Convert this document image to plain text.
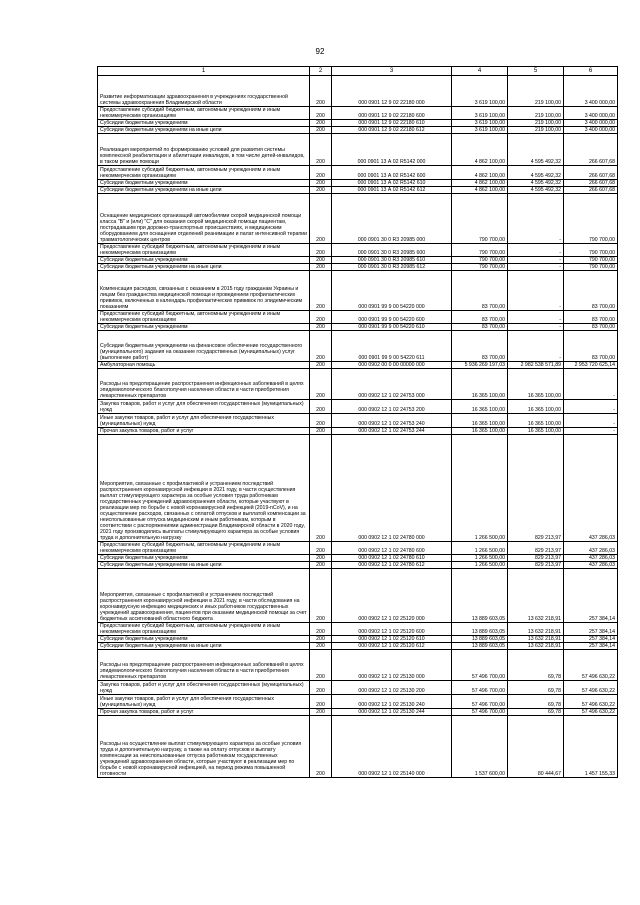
92
1	2	3	4	5	6
Развитие информатизации здравоохранения в учреждениях государственной системы здравоохранения Владимирской области	200	000 0901 12 9 02 22180 000	3 619 100,00	219 100,00	3 400 000,00
Предоставление субсидий бюджетным, автономным учреждениям и иным некоммерческим организациям	200	000 0901 12 9 02 22180 600	3 619 100,00	219 100,00	3 400 000,00
Субсидии бюджетным учреждениям	200	000 0901 12 9 02 22180 610	3 619 100,00	219 100,00	3 400 000,00
Субсидии бюджетным учреждениям на иные цели	200	000 0901 12 9 02 22180 612	3 619 100,00	219 100,00	3 400 000,00
Реализация мероприятий по формированию условий для развития системы комплексной реабилитации и абилитации инвалидов, в том числе детей-инвалидов, в таком режиме помощи	200	000 0901 13 А 02 R5142 000	4 862 100,00	4 595 492,32	266 607,68
Предоставление субсидий бюджетным, автономным учреждениям и иным некоммерческим организациям	200	000 0901 13 А 02 R5142 600	4 862 100,00	4 595 492,32	266 607,68
Субсидии бюджетным учреждениям	200	000 0901 13 А 02 R5142 610	4 862 100,00	4 595 492,32	266 607,68
Субсидии бюджетным учреждениям на иные цели	200	000 0901 13 А 02 R5142 612	4 862 100,00	4 595 492,32	266 607,68
Оснащение медицинских организаций автомобилями скорой медицинской помощи класса "В" и (или) "С" для оказания скорой медицинской помощи пациентам, пострадавшим при дорожно-транспортных происшествиях, и медицинским оборудованием для оснащения отделений реанимации и палат интенсивной терапии травматологических центров	200	000 0901 30 0 R3 20985 000	790 700,00	-	790 700,00
Предоставление субсидий бюджетным, автономным учреждениям и иным некоммерческим организациям	200	000 0901 30 0 R3 20985 600	790 700,00	-	790 700,00
Субсидии бюджетным учреждениям	200	000 0901 30 0 R3 20985 610	790 700,00	-	790 700,00
Субсидии бюджетным учреждениям на иные цели	200	000 0901 30 0 R3 20985 612	790 700,00	-	790 700,00
Компенсация расходов, связанных с оказанием в 2015 году гражданам Украины и лицам без гражданства медицинской помощи и проведением профилактических прививок, включенных в календарь профилактических прививок по эпидемическим показаниям	200	000 0901 99 9 00 54220 000	83 700,00	-	83 700,00
Предоставление субсидий бюджетным, автономным учреждениям и иным некоммерческим организациям	200	000 0901 99 9 00 54220 600	83 700,00	-	83 700,00
Субсидии бюджетным учреждениям	200	000 0901 99 9 00 54220 610	83 700,00	-	83 700,00
Субсидии бюджетным учреждениям на финансовое обеспечение государственного (муниципального) задания на оказание государственных (муниципальных) услуг (выполнение работ)	200	000 0901 99 9 00 54220 611	83 700,00	-	83 700,00
Амбулаторная помощь	200	000 0902 00 0 00 00000 000	5 936 269 197,03	2 982 538 571,89	2 953 720 625,14
Расходы на предотвращение распространения инфекционных заболеваний в целях эпидемиологического благополучия населения области в части приобретения лекарственных препаратов	200	000 0902 12 1 02 24753 000	16 365 100,00	16 365 100,00	-
Закупка товаров, работ и услуг для обеспечения государственных (муниципальных) нужд	200	000 0902 12 1 02 24753 200	16 365 100,00	16 365 100,00	-
Иные закупки товаров, работ и услуг для обеспечения государственных (муниципальных) нужд	200	000 0902 12 1 02 24753 240	16 365 100,00	16 365 100,00	-
Прочая закупка товаров, работ и услуг	200	000 0902 12 1 02 24753 244	16 365 100,00	16 365 100,00	-
Мероприятия, связанные с профилактикой и устранением последствий распространения коронавирусной инфекции в 2021 году, в части осуществления выплат стимулирующего характера за особые условия труда работникам государственных учреждений здравоохранения области, которые участвуют в реализации мер по борьбе с новой коронавирусной инфекцией (2019-nCoV), и на осуществление расходов, связанных с оплатой отпусков и выплатой компенсации за неиспользованные отпуска медицинским и иным работникам, которым в соответствии с распоряжениями администрации Владимирской области в 2020 году, 2021 году производились выплаты стимулирующего характера за особые условия труда и дополнительную нагрузку	200	000 0902 12 1 02 24780 000	1 266 500,00	829 213,97	437 286,03
Предоставление субсидий бюджетным, автономным учреждениям и иным некоммерческим организациям	200	000 0902 12 1 02 24780 600	1 266 500,00	829 213,97	437 286,03
Субсидии бюджетным учреждениям	200	000 0902 12 1 02 24780 610	1 266 500,00	829 213,97	437 286,03
Субсидии бюджетным учреждениям на иные цели	200	000 0902 12 1 02 24780 612	1 266 500,00	829 213,97	437 286,03
Мероприятия, связанные с профилактикой и устранением последствий распространения коронавирусной инфекции в 2021 году, в части обследования на коронавирусную инфекцию медицинских и иных работников государственных учреждений здравоохранения, пациентов при оказании медицинской помощи за счет бюджетных ассигнований областного бюджета	200	000 0902 12 1 02 25120 000	13 889 603,05	13 632 218,91	257 384,14
Предоставление субсидий бюджетным, автономным учреждениям и иным некоммерческим организациям	200	000 0902 12 1 02 25120 600	13 889 603,05	13 632 218,91	257 384,14
Субсидии бюджетным учреждениям	200	000 0902 12 1 02 25120 610	13 889 603,05	13 632 218,91	257 384,14
Субсидии бюджетным учреждениям на иные цели	200	000 0902 12 1 02 25120 612	13 889 603,05	13 632 218,91	257 384,14
Расходы на предотвращение распространения инфекционных заболеваний в целях эпидемиологического благополучия населения области в части приобретения лекарственных препаратов	200	000 0902 12 1 02 25130 000	57 496 700,00	69,78	57 496 630,22
Закупка товаров, работ и услуг для обеспечения государственных (муниципальных) нужд	200	000 0902 12 1 02 25130 200	57 496 700,00	69,78	57 496 630,22
Иные закупки товаров, работ и услуг для обеспечения государственных (муниципальных) нужд	200	000 0902 12 1 02 25130 240	57 496 700,00	69,78	57 496 630,22
Прочая закупка товаров, работ и услуг	200	000 0902 12 1 02 25130 244	57 496 700,00	69,78	57 496 630,22
Расходы на осуществление выплат стимулирующего характера за особые условия труда и дополнительную нагрузку, а также на оплату отпусков и выплату компенсации за неиспользованные отпуска работникам государственных учреждений здравоохранения области, которые участвуют в реализации мер по борьбе с новой коронавирусной инфекцией, на период режима повышенной готовности	200	000 0902 12 1 02 25140 000	1 537 600,00	80 444,67	1 457 155,33
